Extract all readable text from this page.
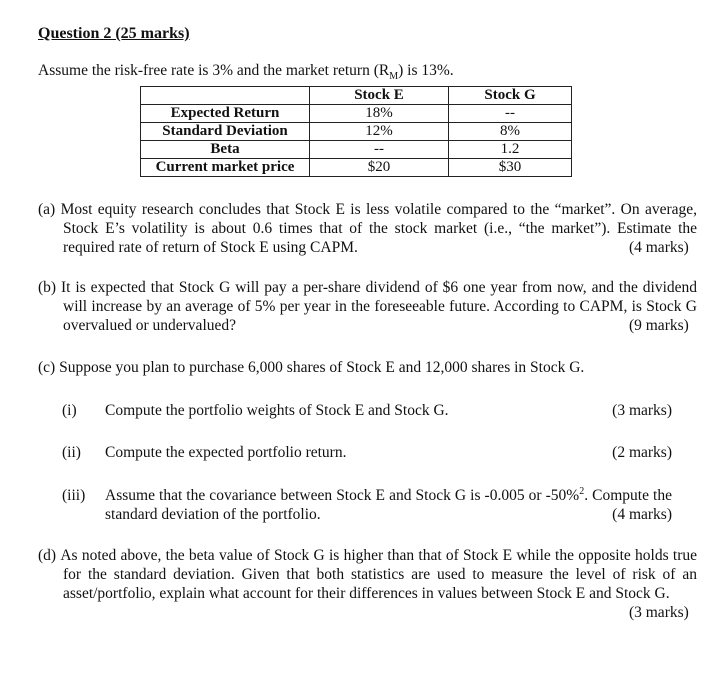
Question 2 (25 marks)
Assume the risk-free rate is 3% and the market return $(R_M)$ is 13%.
	Stock E	Stock G
Expected Return	18%	--
Standard Deviation	12%	8%
Beta	--	1.2
Current market price	$20	$30
(a) Most equity research concludes that Stock E is less volatile compared to the “market”. On average, Stock E’s volatility is about 0.6 times that of the stock market (i.e., “the market”). Estimate the required rate of return of Stock E using CAPM.	(4 marks)
(b) It is expected that Stock G will pay a per-share dividend of $6 one year from now, and the dividend will increase by an average of 5% per year in the foreseeable future. According to CAPM, is Stock G overvalued or undervalued?	(9 marks)
(c) Suppose you plan to purchase 6,000 shares of Stock E and 12,000 shares in Stock G.
(i) Compute the portfolio weights of Stock E and Stock G.	(3 marks)
(ii) Compute the expected portfolio return.	(2 marks)
(iii) Assume that the covariance between Stock E and Stock G is -0.005 or -50%$^2$. Compute the standard deviation of the portfolio.	(4 marks)
(d) As noted above, the beta value of Stock G is higher than that of Stock E while the opposite holds true for the standard deviation. Given that both statistics are used to measure the level of risk of an asset/portfolio, explain what account for their differences in values between Stock E and Stock G.
(3 marks)
